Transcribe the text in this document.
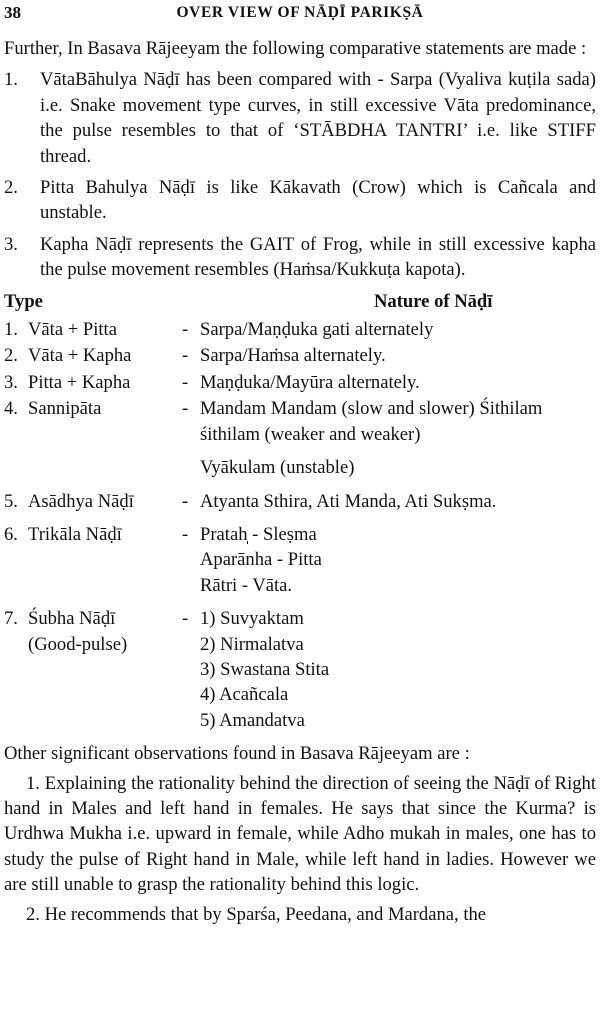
38	OVER VIEW OF NĀḌĪ PARIKṢĀ

Further, In Basava Rājeeyam the following comparative statements are made :

1.	VātaBāhulya Nāḍī has been compared with - Sarpa (Vyaliva kuṭila sada) i.e. Snake movement type curves, in still excessive Vāta predominance, the pulse resembles to that of ‘STĀBDHA TANTRI’ i.e. like STIFF thread.
2.	Pitta Bahulya Nāḍī is like Kākavath (Crow) which is Cañcala and unstable.
3.	Kapha Nāḍī represents the GAIT of Frog, while in still excessive kapha the pulse movement resembles (Haṁsa/Kukkuṭa kapota).
Type	Nature of Nāḍī
1. Vāta + Pitta	- Sarpa/Maṇḍuka gati alternately
2. Vāta + Kapha	- Sarpa/Haṁsa alternately.
3. Pitta + Kapha	- Maṇḍuka/Mayūra alternately.
4. Sannipāta	- Mandam Mandam (slow and slower) Śithilam
śithilam (weaker and weaker)
Vyākulam (unstable)
5. Asādhya Nāḍī	- Atyanta Sthira, Ati Manda, Ati Sukṣma.
6. Trikāla Nāḍī	- Pratah̩ - Sleṣma
Aparānha - Pitta
Rātri - Vāta.
7. Śubha Nāḍī
(Good-pulse)
- 1) Suvyaktam
2) Nirmalatva
3) Swastana Stita
4) Acañcala
5) Amandatva

Other significant observations found in Basava Rājeeyam are :

1. Explaining the rationality behind the direction of seeing the Nāḍī of Right hand in Males and left hand in females. He says that since the Kurma? is Urdhwa Mukha i.e. upward in female, while Adho mukah in males, one has to study the pulse of Right hand in Male, while left hand in ladies. However we are still unable to grasp the rationality behind this logic.

2. He recommends that by Sparśa, Peedana, and Mardana, the
